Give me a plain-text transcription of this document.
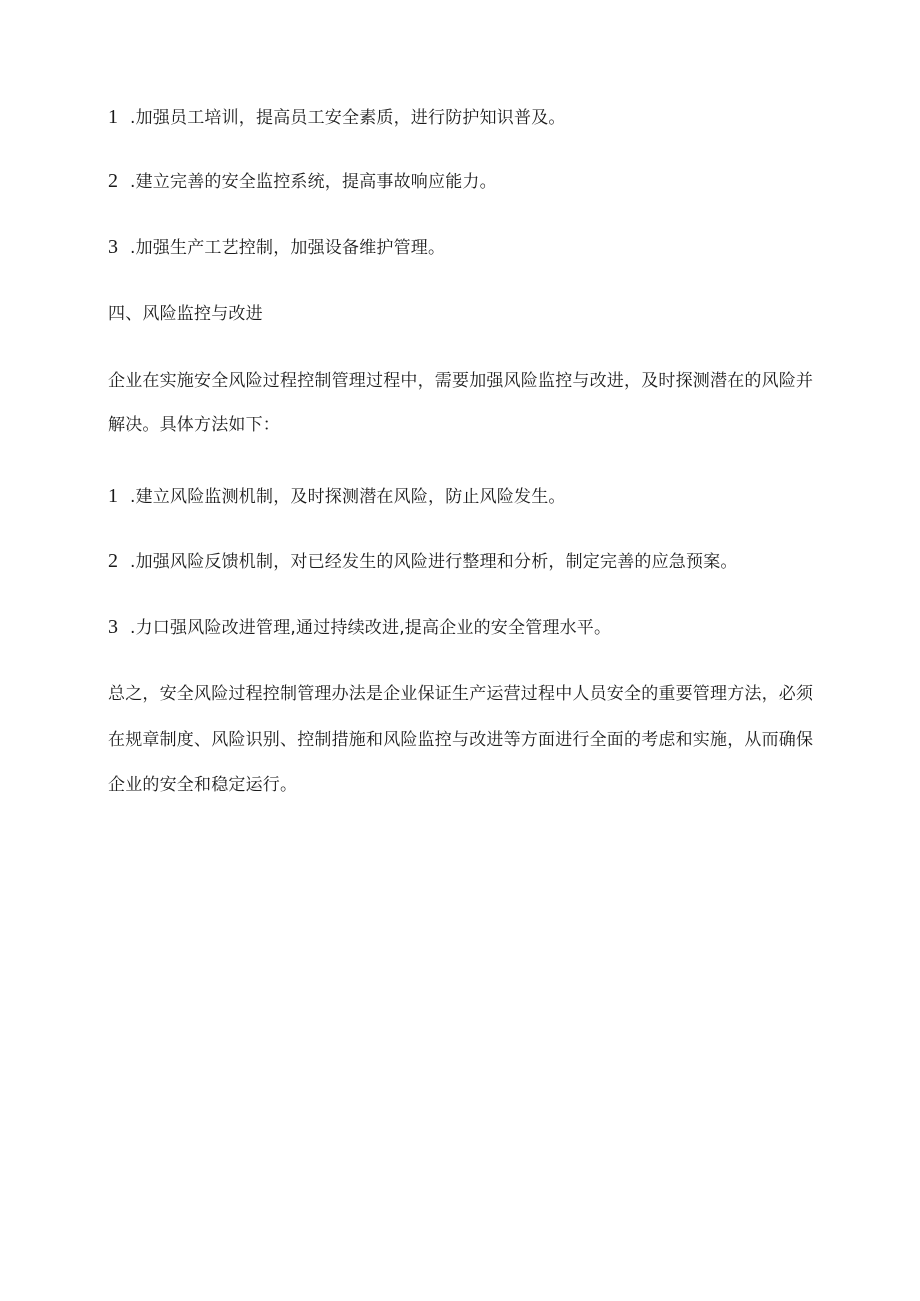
1 .加强员工培训，提高员工安全素质，进行防护知识普及。
2 .建立完善的安全监控系统，提高事故响应能力。
3 .加强生产工艺控制，加强设备维护管理。
四、风险监控与改进
企业在实施安全风险过程控制管理过程中，需要加强风险监控与改进，及时探测潜在的风险并
解决。具体方法如下：
1 .建立风险监测机制，及时探测潜在风险，防止风险发生。
2 .加强风险反馈机制，对已经发生的风险进行整理和分析，制定完善的应急预案。
3 .力口强风险改进管理,通过持续改进,提高企业的安全管理水平。
总之，安全风险过程控制管理办法是企业保证生产运营过程中人员安全的重要管理方法，必须
在规章制度、风险识别、控制措施和风险监控与改进等方面进行全面的考虑和实施，从而确保
企业的安全和稳定运行。
